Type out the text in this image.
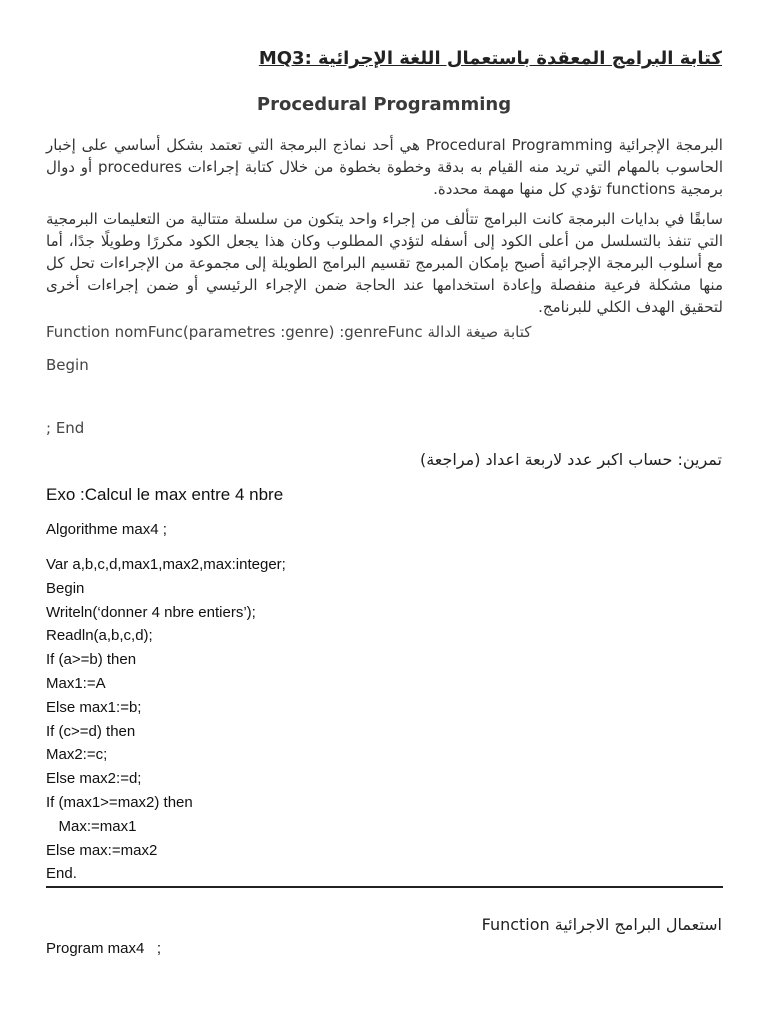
كتابة البرامج المعقدة باستعمال اللغة الإجرائية :MQ3
Procedural Programming
البرمجة الإجرائية Procedural Programming هي أحد نماذج البرمجة التي تعتمد بشكل أساسي على إخبار الحاسوب بالمهام التي تريد منه القيام به بدقة وخطوة بخطوة من خلال كتابة إجراءات procedures أو دوال برمجية functions تؤدي كل منها مهمة محددة.
سابقًا في بدايات البرمجة كانت البرامج تتألف من إجراء واحد يتكون من سلسلة متتالية من التعليمات البرمجية التي تنفذ بالتسلسل من أعلى الكود إلى أسفله لتؤدي المطلوب وكان هذا يجعل الكود مكررًا وطويلًا جدًا، أما مع أسلوب البرمجة الإجرائية أصبح بإمكان المبرمج تقسيم البرامج الطويلة إلى مجموعة من الإجراءات تحل كل منها مشكلة فرعية منفصلة وإعادة استخدامها عند الحاجة ضمن الإجراء الرئيسي أو ضمن إجراءات أخرى لتحقيق الهدف الكلي للبرنامج.
Function nomFunc(parametres :genre) :genreFunc كتابة صيغة الدالة
Begin
; End
تمرين: حساب اكبر عدد لاربعة اعداد (مراجعة)
Exo :Calcul le max entre 4 nbre
Algorithme max4 ;
Var a,b,c,d,max1,max2,max:integer;
Begin
Writeln(‘donner 4 nbre entiers’);
Readln(a,b,c,d);
If (a>=b) then
Max1:=A
Else max1:=b;
If (c>=d) then
Max2:=c;
Else max2:=d;
If (max1>=max2) then
Max:=max1
Else max:=max2
End.
استعمال البرامج الاجرائية Function
Program max4   ;
